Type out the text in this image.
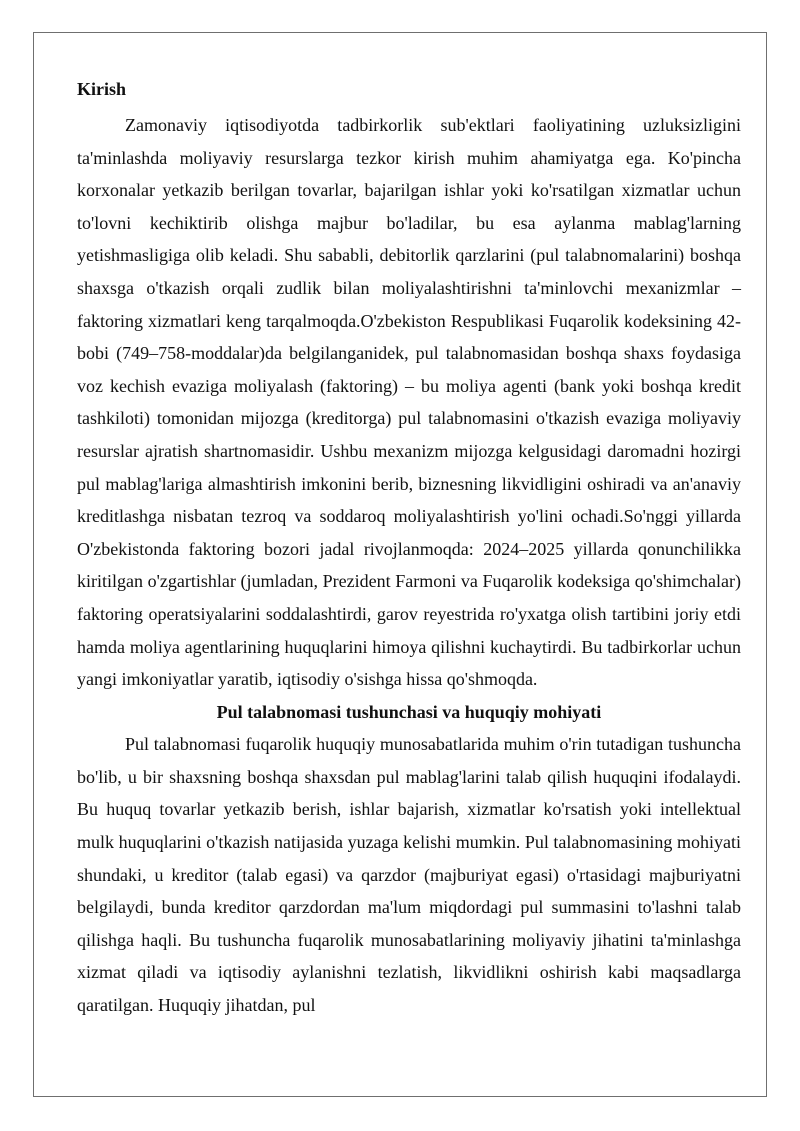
Kirish

Zamonaviy iqtisodiyotda tadbirkorlik sub'ektlari faoliyatining uzluksizligini ta'minlashda moliyaviy resurslarga tezkor kirish muhim ahamiyatga ega. Ko'pincha korxonalar yetkazib berilgan tovarlar, bajarilgan ishlar yoki ko'rsatilgan xizmatlar uchun to'lovni kechiktirib olishga majbur bo'ladilar, bu esa aylanma mablag'larning yetishmasligiga olib keladi. Shu sababli, debitorlik qarzlarini (pul talabnomalarini) boshqa shaxsga o'tkazish orqali zudlik bilan moliyalashtirishni ta'minlovchi mexanizmlar – faktoring xizmatlari keng tarqalmoqda.O'zbekiston Respublikasi Fuqarolik kodeksining 42-bobi (749–758-moddalar)da belgilanganidek, pul talabnomasidan boshqa shaxs foydasiga voz kechish evaziga moliyalash (faktoring) – bu moliya agenti (bank yoki boshqa kredit tashkiloti) tomonidan mijozga (kreditorga) pul talabnomasini o'tkazish evaziga moliyaviy resurslar ajratish shartnomasidir. Ushbu mexanizm mijozga kelgusidagi daromadni hozirgi pul mablag'lariga almashtirish imkonini berib, biznesning likvidligini oshiradi va an'anaviy kreditlashga nisbatan tezroq va soddaroq moliyalashtirish yo'lini ochadi.So'nggi yillarda O'zbekistonda faktoring bozori jadal rivojlanmoqda: 2024–2025 yillarda qonunchilikka kiritilgan o'zgartishlar (jumladan, Prezident Farmoni va Fuqarolik kodeksiga qo'shimchalar) faktoring operatsiyalarini soddalashtirdi, garov reyestrida ro'yxatga olish tartibini joriy etdi hamda moliya agentlarining huquqlarini himoya qilishni kuchaytirdi. Bu tadbirkorlar uchun yangi imkoniyatlar yaratib, iqtisodiy o'sishga hissa qo'shmoqda.

Pul talabnomasi tushunchasi va huquqiy mohiyati

Pul talabnomasi fuqarolik huquqiy munosabatlarida muhim o'rin tutadigan tushuncha bo'lib, u bir shaxsning boshqa shaxsdan pul mablag'larini talab qilish huquqini ifodalaydi. Bu huquq tovarlar yetkazib berish, ishlar bajarish, xizmatlar ko'rsatish yoki intellektual mulk huquqlarini o'tkazish natijasida yuzaga kelishi mumkin. Pul talabnomasining mohiyati shundaki, u kreditor (talab egasi) va qarzdor (majburiyat egasi) o'rtasidagi majburiyatni belgilaydi, bunda kreditor qarzdordan ma'lum miqdordagi pul summasini to'lashni talab qilishga haqli. Bu tushuncha fuqarolik munosabatlarining moliyaviy jihatini ta'minlashga xizmat qiladi va iqtisodiy aylanishni tezlatish, likvidlikni oshirish kabi maqsadlarga qaratilgan. Huquqiy jihatdan, pul
